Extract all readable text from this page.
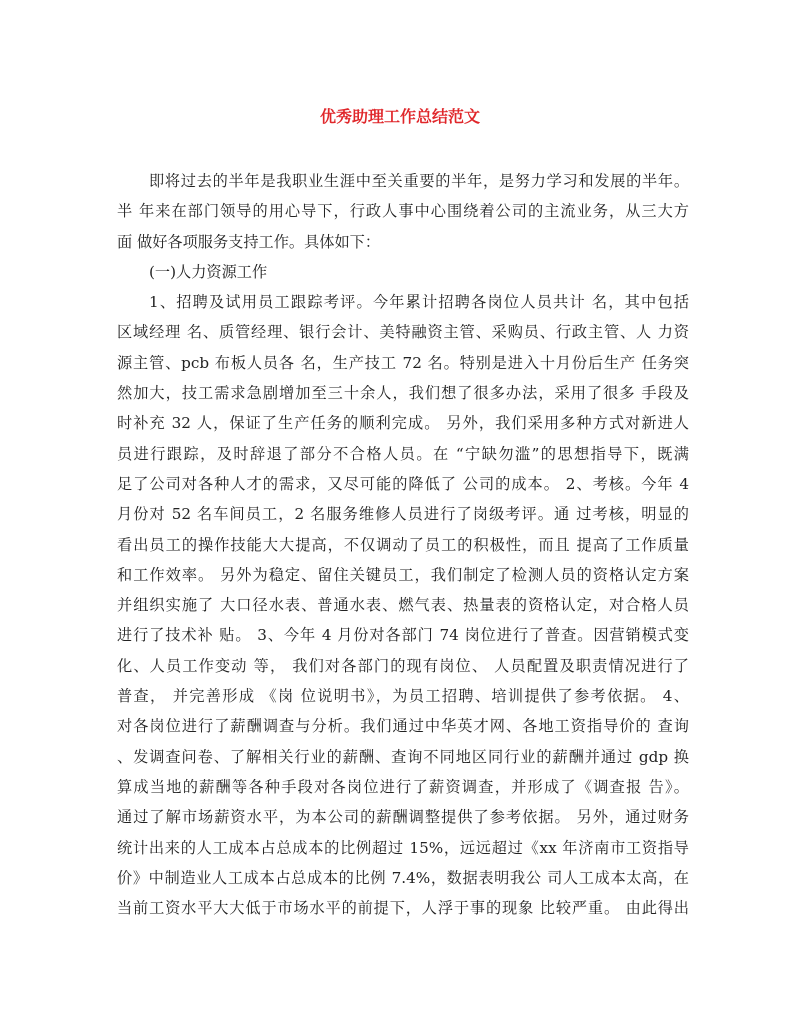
优秀助理工作总结范文
即将过去的半年是我职业生涯中至关重要的半年，是努力学习和发展的半年。
半 年来在部门领导的用心导下，行政人事中心围绕着公司的主流业务，从三大方
面 做好各项服务支持工作。具体如下：
(一)人力资源工作
1、招聘及试用员工跟踪考评。今年累计招聘各岗位人员共计 名，其中包括
区域经理 名、质管经理、银行会计、美特融资主管、采购员、行政主管、人 力资
源主管、pcb 布板人员各 名，生产技工 72 名。特别是进入十月份后生产 任务突
然加大，技工需求急剧增加至三十余人，我们想了很多办法，采用了很多 手段及
时补充 32 人，保证了生产任务的顺利完成。 另外，我们采用多种方式对新进人
员进行跟踪，及时辞退了部分不合格人员。在 “宁缺勿滥”的思想指导下，既满
足了公司对各种人才的需求，又尽可能的降低了 公司的成本。 2、考核。今年 4
月份对 52 名车间员工，2 名服务维修人员进行了岗级考评。通 过考核，明显的
看出员工的操作技能大大提高，不仅调动了员工的积极性，而且 提高了工作质量
和工作效率。 另外为稳定、留住关键员工，我们制定了检测人员的资格认定方案
并组织实施了 大口径水表、普通水表、燃气表、热量表的资格认定，对合格人员
进行了技术补 贴。 3、今年 4 月份对各部门 74 岗位进行了普查。因营销模式变
化、人员工作变动 等， 我们对各部门的现有岗位、 人员配置及职责情况进行了
普查， 并完善形成 《岗 位说明书》，为员工招聘、培训提供了参考依据。 4、
对各岗位进行了薪酬调查与分析。我们通过中华英才网、各地工资指导价的 查询
、发调查问卷、了解相关行业的薪酬、查询不同地区同行业的薪酬并通过 gdp 换
算成当地的薪酬等各种手段对各岗位进行了薪资调查，并形成了《调查报 告》。
通过了解市场薪资水平，为本公司的薪酬调整提供了参考依据。 另外，通过财务
统计出来的人工成本占总成本的比例超过 15%，远远超过《xx 年济南市工资指导
价》中制造业人工成本占总成本的比例 7.4%，数据表明我公 司人工成本太高，在
当前工资水平大大低于市场水平的前提下，人浮于事的现象 比较严重。 由此得出
